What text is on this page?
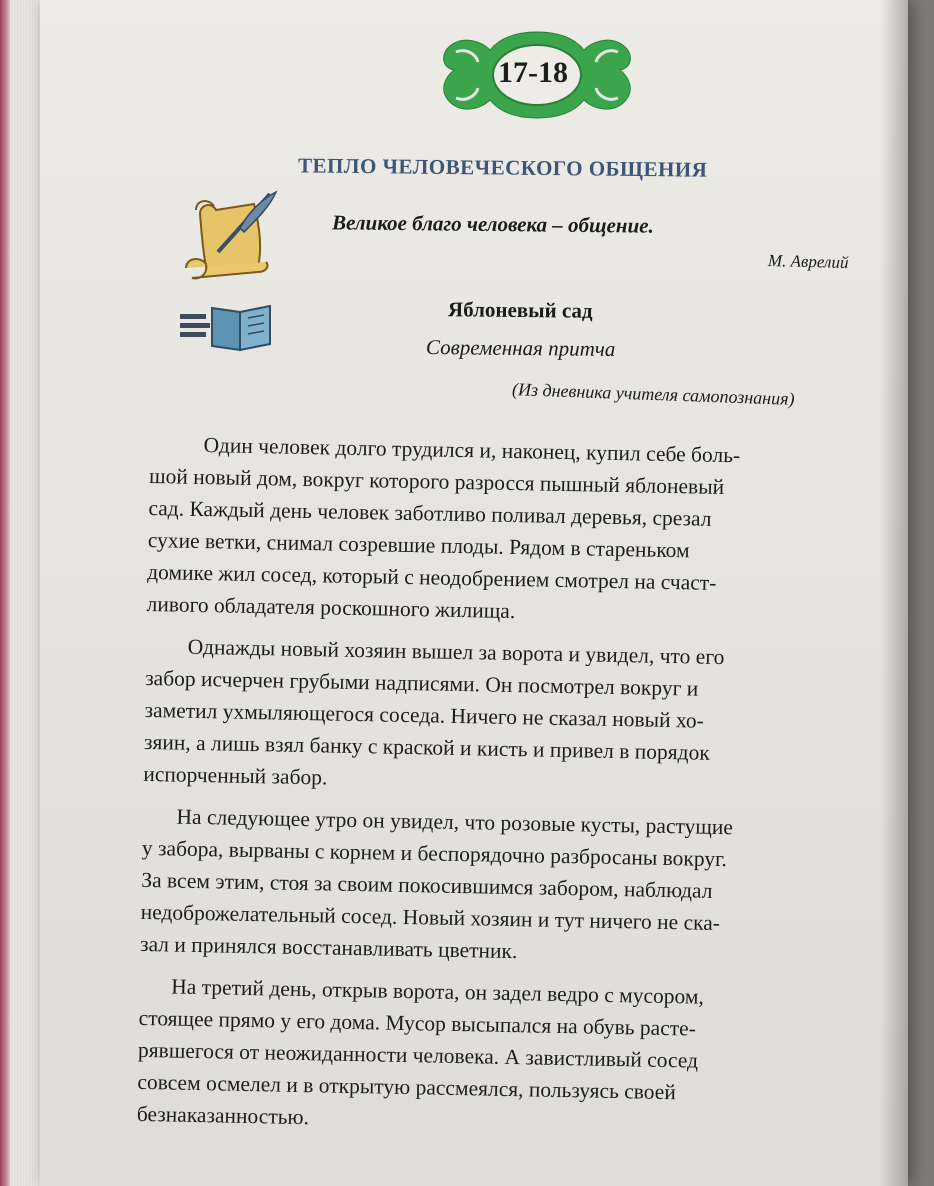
17-18
ТЕПЛО ЧЕЛОВЕЧЕСКОГО ОБЩЕНИЯ
Великое благо человека – общение.
М. Аврелий
Яблоневый сад
Современная притча
(Из дневника учителя самопознания)
Один человек долго трудился и, наконец, купил себе боль-
шой новый дом, вокруг которого разросся пышный яблоневый
сад. Каждый день человек заботливо поливал деревья, срезал
сухие ветки, снимал созревшие плоды. Рядом в стареньком
домике жил сосед, который с неодобрением смотрел на счаст-
ливого обладателя роскошного жилища.
Однажды новый хозяин вышел за ворота и увидел, что его
забор исчерчен грубыми надписями. Он посмотрел вокруг и
заметил ухмыляющегося соседа. Ничего не сказал новый хо-
зяин, а лишь взял банку с краской и кисть и привел в порядок
испорченный забор.
На следующее утро он увидел, что розовые кусты, растущие
у забора, вырваны с корнем и беспорядочно разбросаны вокруг.
За всем этим, стоя за своим покосившимся забором, наблюдал
недоброжелательный сосед. Новый хозяин и тут ничего не ска-
зал и принялся восстанавливать цветник.
На третий день, открыв ворота, он задел ведро с мусором,
стоящее прямо у его дома. Мусор высыпался на обувь расте-
рявшегося от неожиданности человека. А завистливый сосед
совсем осмелел и в открытую рассмеялся, пользуясь своей
безнаказанностью.
